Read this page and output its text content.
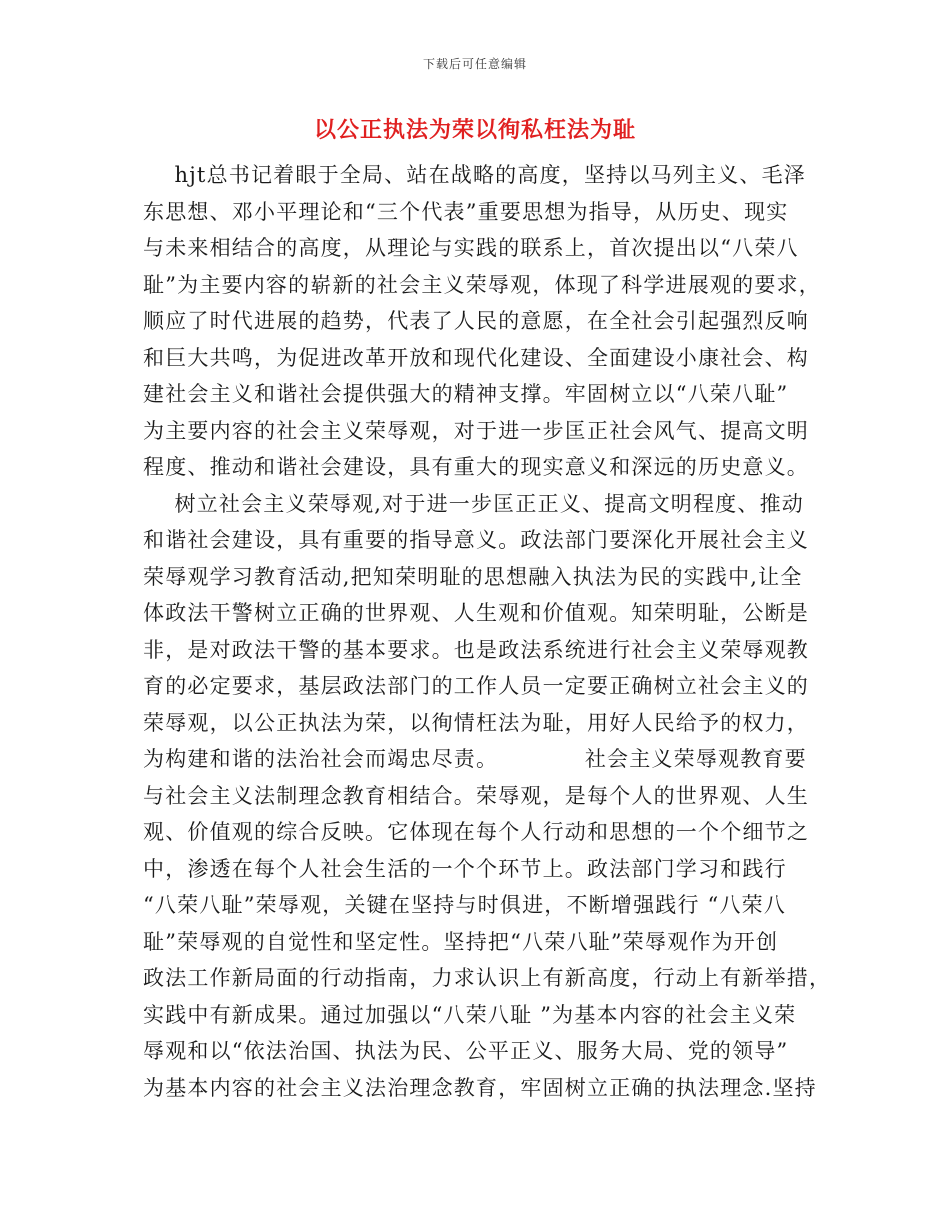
下载后可任意编辑
以公正执法为荣以徇私枉法为耻
hjt总书记着眼于全局、站在战略的高度，坚持以马列主义、毛泽
东思想、邓小平理论和“三个代表”重要思想为指导，从历史、现实
与未来相结合的高度，从理论与实践的联系上，首次提出以“八荣八
耻”为主要内容的崭新的社会主义荣辱观，体现了科学进展观的要求，
顺应了时代进展的趋势，代表了人民的意愿，在全社会引起强烈反响
和巨大共鸣，为促进改革开放和现代化建设、全面建设小康社会、构
建社会主义和谐社会提供强大的精神支撑。牢固树立以“八荣八耻”
为主要内容的社会主义荣辱观，对于进一步匡正社会风气、提高文明
程度、推动和谐社会建设，具有重大的现实意义和深远的历史意义。
树立社会主义荣辱观,对于进一步匡正正义、提高文明程度、推动
和谐社会建设，具有重要的指导意义。政法部门要深化开展社会主义
荣辱观学习教育活动,把知荣明耻的思想融入执法为民的实践中,让全
体政法干警树立正确的世界观、人生观和价值观。知荣明耻，公断是
非，是对政法干警的基本要求。也是政法系统进行社会主义荣辱观教
育的必定要求，基层政法部门的工作人员一定要正确树立社会主义的
荣辱观，以公正执法为荣，以徇情枉法为耻，用好人民给予的权力，
为构建和谐的法治社会而竭忠尽责。           社会主义荣辱观教育要
与社会主义法制理念教育相结合。荣辱观，是每个人的世界观、人生
观、价值观的综合反映。它体现在每个人行动和思想的一个个细节之
中，渗透在每个人社会生活的一个个环节上。政法部门学习和践行
“八荣八耻”荣辱观，关键在坚持与时俱进，不断增强践行 “八荣八
耻”荣辱观的自觉性和坚定性。坚持把“八荣八耻”荣辱观作为开创
政法工作新局面的行动指南，力求认识上有新高度，行动上有新举措，
实践中有新成果。通过加强以“八荣八耻 ”为基本内容的社会主义荣
辱观和以“依法治国、执法为民、公平正义、服务大局、党的领导”
为基本内容的社会主义法治理念教育，牢固树立正确的执法理念.坚持
